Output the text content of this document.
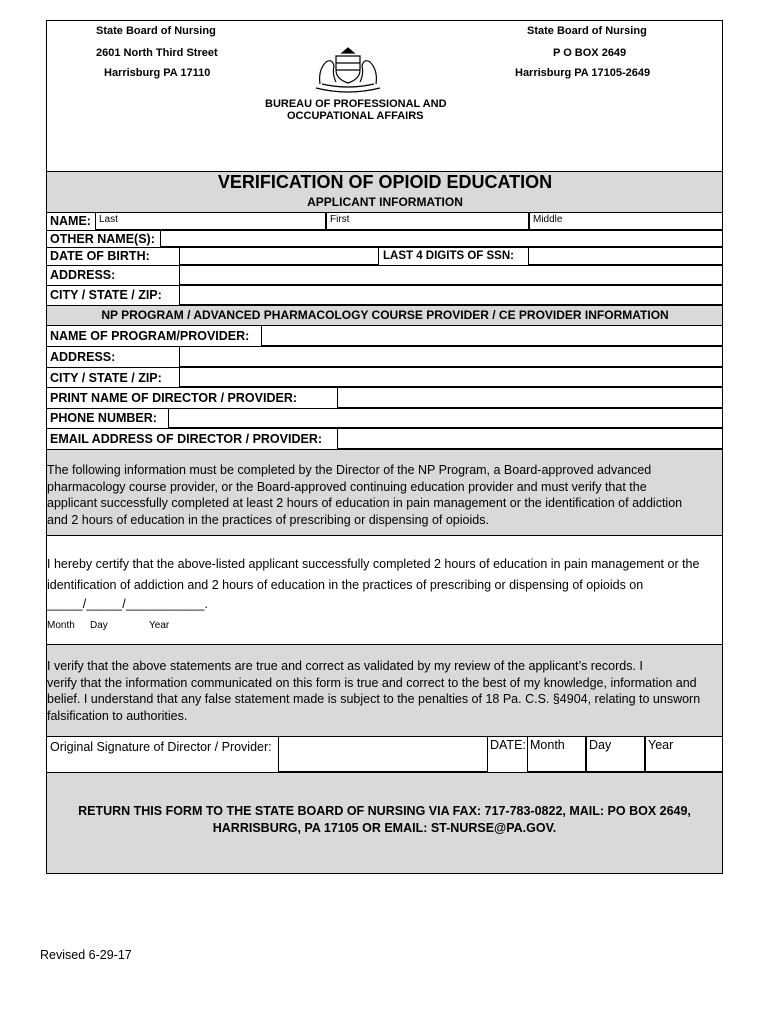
State Board of Nursing
2601 North Third Street
Harrisburg PA 17110
State Board of Nursing
P O BOX 2649
Harrisburg PA 17105-2649
BUREAU OF PROFESSIONAL AND
OCCUPATIONAL AFFAIRS
VERIFICATION OF OPIOID EDUCATION
APPLICANT INFORMATION
NAME: Last	First	Middle
OTHER NAME(S):
DATE OF BIRTH:	LAST 4 DIGITS OF SSN:
ADDRESS:
CITY / STATE / ZIP:
NP PROGRAM / ADVANCED PHARMACOLOGY COURSE PROVIDER / CE PROVIDER INFORMATION
NAME OF PROGRAM/PROVIDER:
ADDRESS:
CITY / STATE / ZIP:
PRINT NAME OF DIRECTOR / PROVIDER:
PHONE NUMBER:
EMAIL ADDRESS OF DIRECTOR / PROVIDER:
The following information must be completed by the Director of the NP Program, a Board-approved advanced
pharmacology course provider, or the Board-approved continuing education provider and must verify that the
applicant successfully completed at least 2 hours of education in pain management or the identification of addiction
and 2 hours of education in the practices of prescribing or dispensing of opioids.
I hereby certify that the above-listed applicant successfully completed 2 hours of education in pain management or the
identification of addiction and 2 hours of education in the practices of prescribing or dispensing of opioids on
_____/_____/___________.
Month Day	Year
I verify that the above statements are true and correct as validated by my review of the applicant’s records. I
verify that the information communicated on this form is true and correct to the best of my knowledge, information and
belief. I understand that any false statement made is subject to the penalties of 18 Pa. C.S. §4904, relating to unsworn
falsification to authorities.
Original Signature of Director / Provider:	DATE: Month Day	Year
RETURN THIS FORM TO THE STATE BOARD OF NURSING VIA FAX: 717-783-0822, MAIL: PO BOX 2649,
HARRISBURG, PA 17105 OR EMAIL: ST-NURSE@PA.GOV.
Revised 6-29-17
